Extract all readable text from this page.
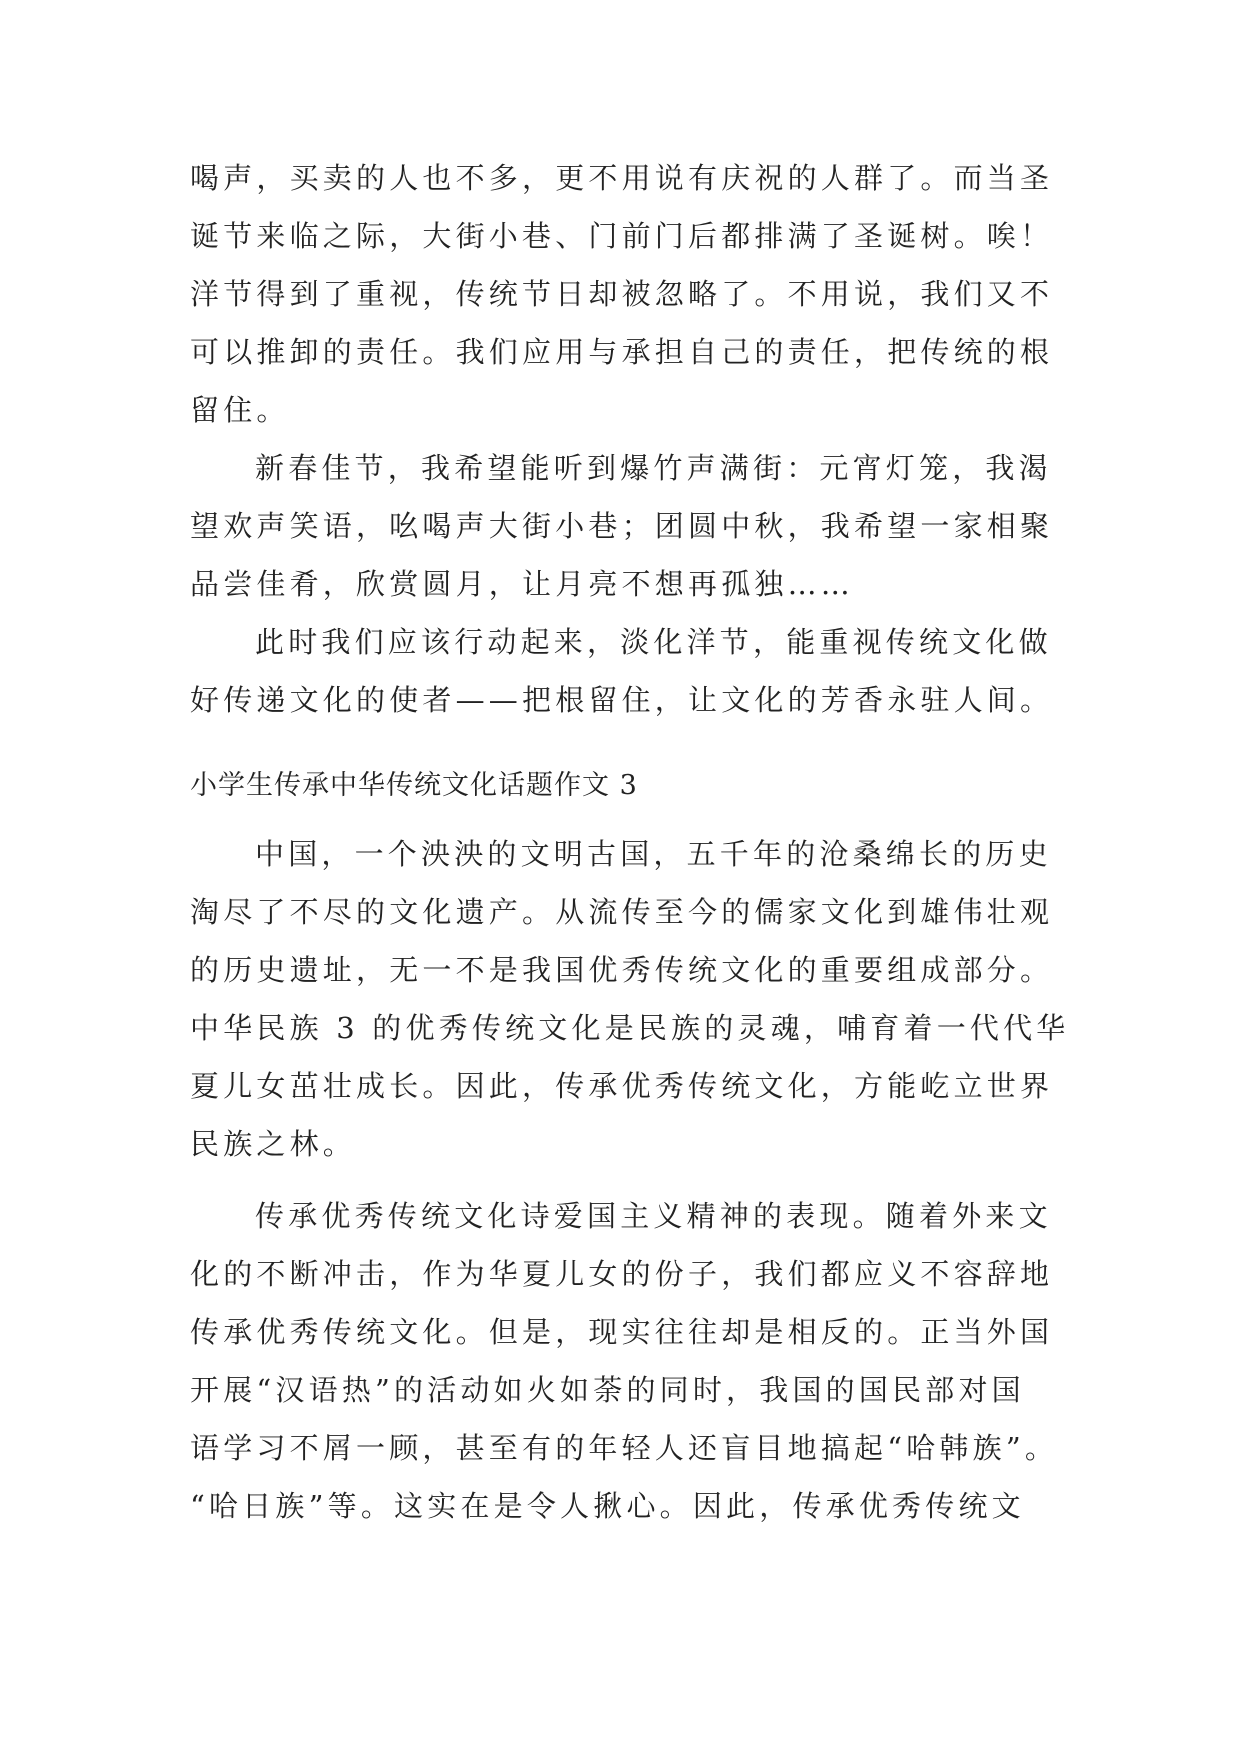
喝声，买卖的人也不多，更不用说有庆祝的人群了。而当圣
诞节来临之际，大街小巷、门前门后都排满了圣诞树。唉！
洋节得到了重视，传统节日却被忽略了。不用说，我们又不
可以推卸的责任。我们应用与承担自己的责任，把传统的根
留住。
新春佳节，我希望能听到爆竹声满街：元宵灯笼，我渴
望欢声笑语，吆喝声大街小巷；团圆中秋，我希望一家相聚
品尝佳肴，欣赏圆月，让月亮不想再孤独……
此时我们应该行动起来，淡化洋节，能重视传统文化做
好传递文化的使者——把根留住，让文化的芳香永驻人间。
小学生传承中华传统文化话题作文 3
中国，一个泱泱的文明古国，五千年的沧桑绵长的历史
淘尽了不尽的文化遗产。从流传至今的儒家文化到雄伟壮观
的历史遗址，无一不是我国优秀传统文化的重要组成部分。
中华民族 3 的优秀传统文化是民族的灵魂，哺育着一代代华
夏儿女茁壮成长。因此，传承优秀传统文化，方能屹立世界
民族之林。
传承优秀传统文化诗爱国主义精神的表现。随着外来文
化的不断冲击，作为华夏儿女的份子，我们都应义不容辞地
传承优秀传统文化。但是，现实往往却是相反的。正当外国
开展“汉语热”的活动如火如荼的同时，我国的国民部对国
语学习不屑一顾，甚至有的年轻人还盲目地搞起“哈韩族”。
“哈日族”等。这实在是令人揪心。因此，传承优秀传统文
